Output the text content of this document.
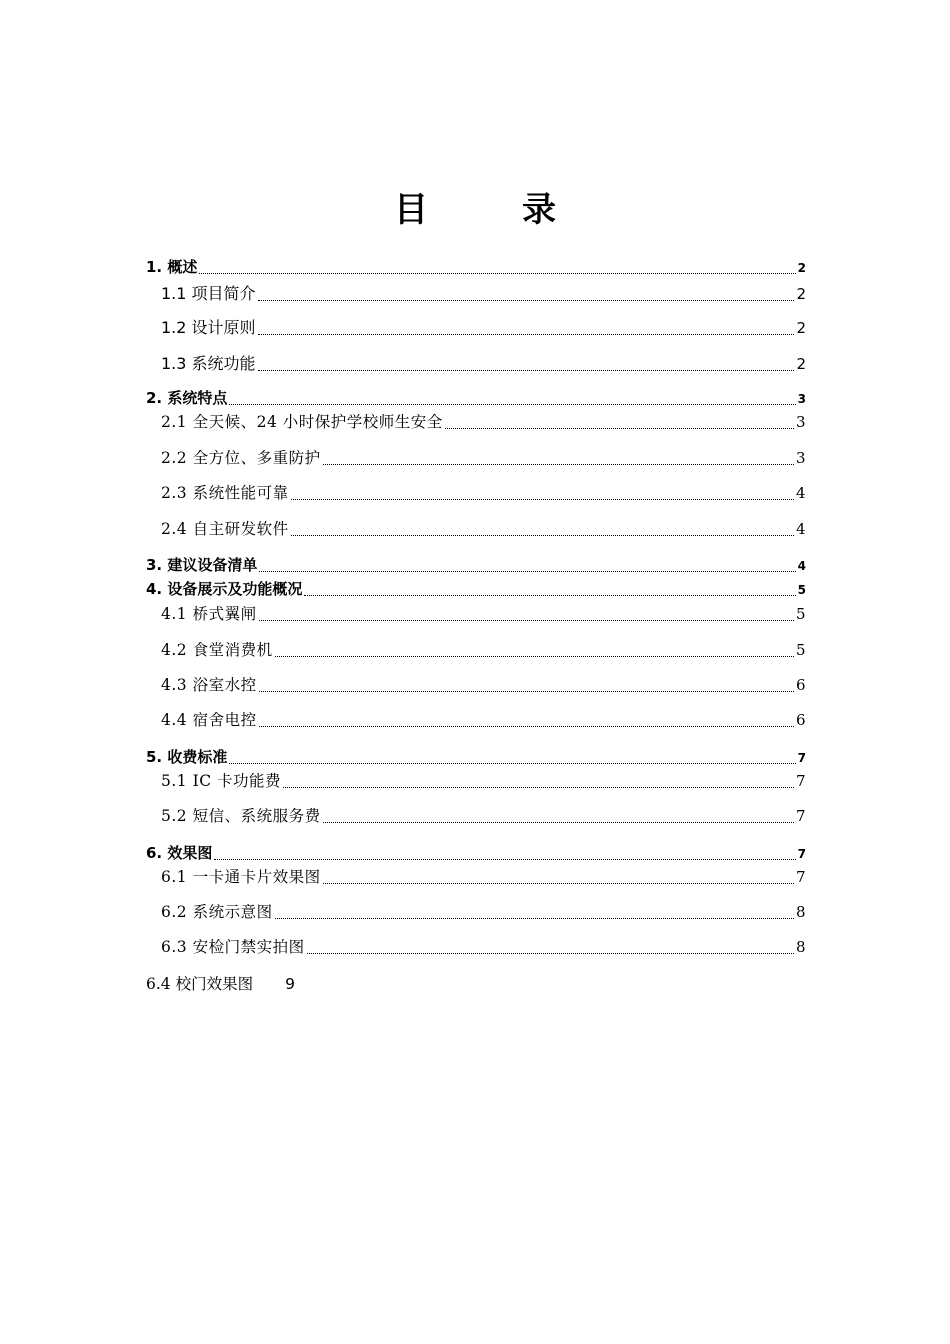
目　录
1. 概述	2
1.1 项目简介	2
1.2 设计原则	2
1.3 系统功能	2
2. 系统特点	3
2.1 全天候、24 小时保护学校师生安全	3
2.2 全方位、多重防护	3
2.3 系统性能可靠	4
2.4 自主研发软件	4
3. 建议设备清单	4
4. 设备展示及功能概况	5
4.1 桥式翼闸	5
4.2 食堂消费机	5
4.3 浴室水控	6
4.4 宿舍电控	6
5. 收费标准	7
5.1 IC 卡功能费	7
5.2 短信、系统服务费	7
6. 效果图	7
6.1 一卡通卡片效果图	7
6.2 系统示意图	8
6.3 安检门禁实拍图	8
6.4 校门效果图 9
